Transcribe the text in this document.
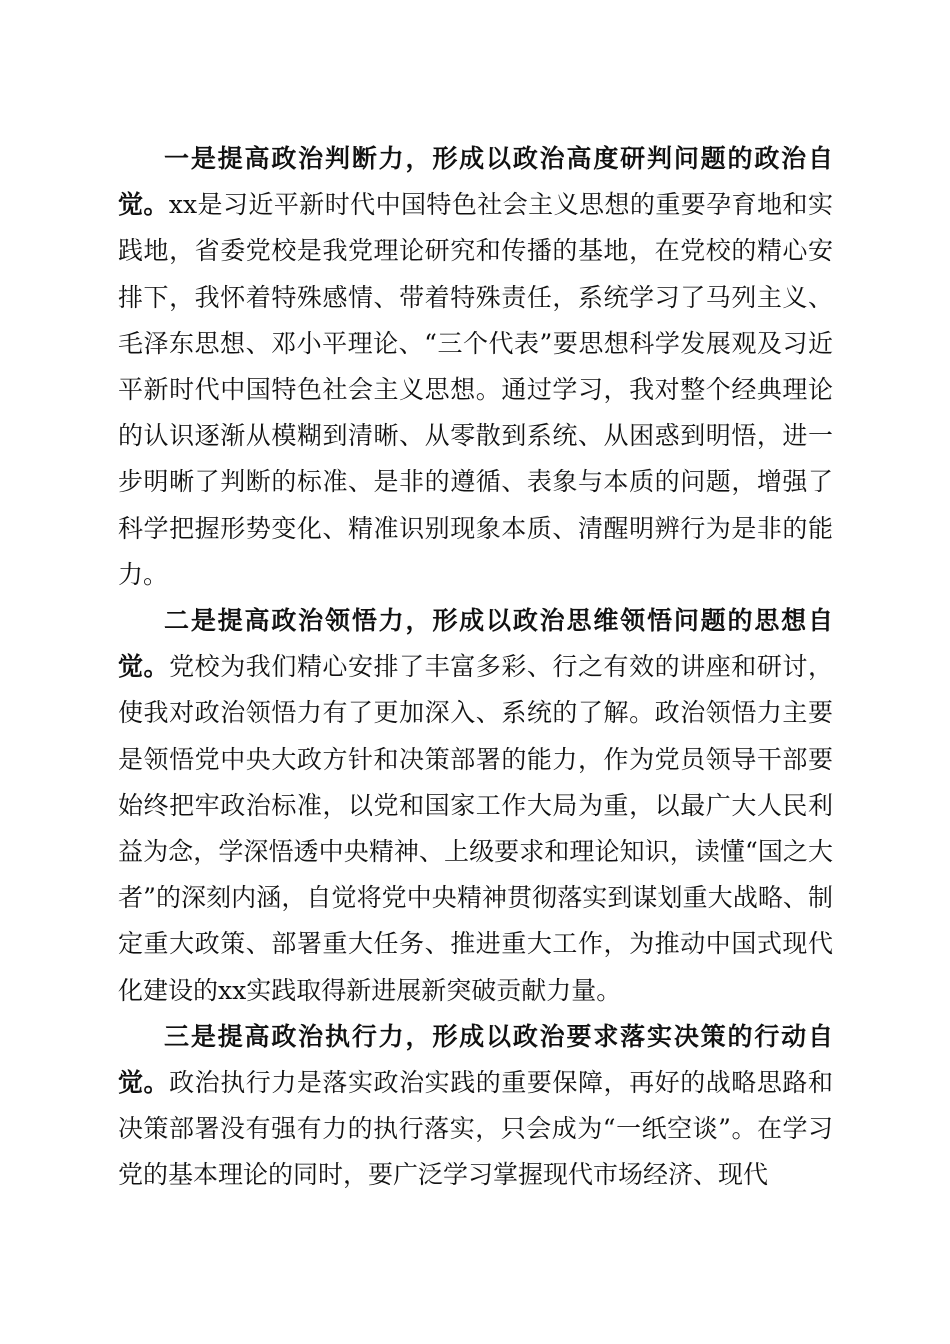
一是提高政治判断力，形成以政治高度研判问题的政治自觉。xx是习近平新时代中国特色社会主义思想的重要孕育地和实践地，省委党校是我党理论研究和传播的基地，在党校的精心安排下，我怀着特殊感情、带着特殊责任，系统学习了马列主义、毛泽东思想、邓小平理论、“三个代表”要思想科学发展观及习近平新时代中国特色社会主义思想。通过学习，我对整个经典理论的认识逐渐从模糊到清晰、从零散到系统、从困惑到明悟，进一步明晰了判断的标准、是非的遵循、表象与本质的问题，增强了科学把握形势变化、精准识别现象本质、清醒明辨行为是非的能力。

二是提高政治领悟力，形成以政治思维领悟问题的思想自觉。党校为我们精心安排了丰富多彩、行之有效的讲座和研讨，使我对政治领悟力有了更加深入、系统的了解。政治领悟力主要是领悟党中央大政方针和决策部署的能力，作为党员领导干部要始终把牢政治标准，以党和国家工作大局为重，以最广大人民利益为念，学深悟透中央精神、上级要求和理论知识，读懂“国之大者”的深刻内涵，自觉将党中央精神贯彻落实到谋划重大战略、制定重大政策、部署重大任务、推进重大工作，为推动中国式现代化建设的xx实践取得新进展新突破贡献力量。

三是提高政治执行力，形成以政治要求落实决策的行动自觉。政治执行力是落实政治实践的重要保障，再好的战略思路和决策部署没有强有力的执行落实，只会成为“一纸空谈”。在学习党的基本理论的同时，要广泛学习掌握现代市场经济、现代
